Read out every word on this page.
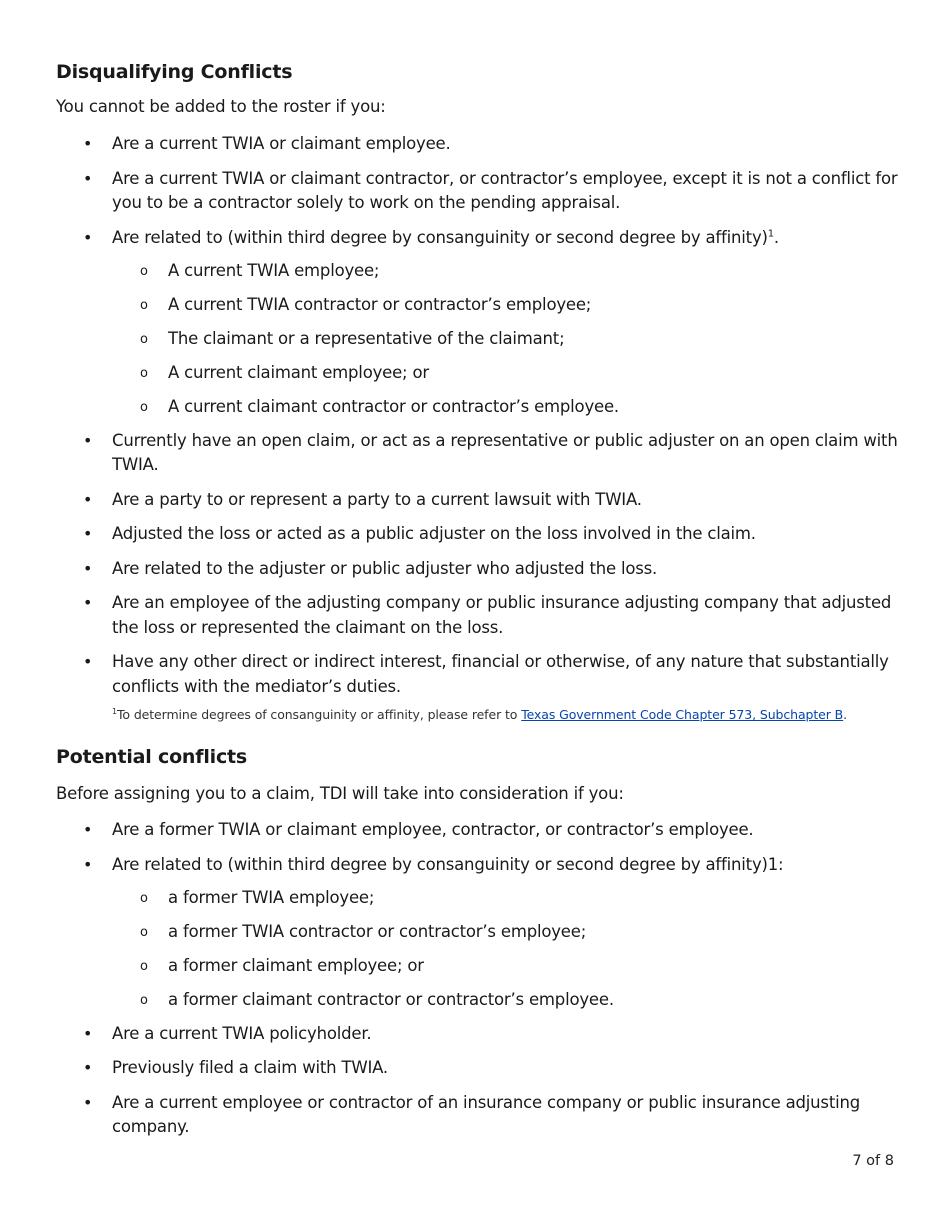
Disqualifying Conflicts

You cannot be added to the roster if you:

• Are a current TWIA or claimant employee.
• Are a current TWIA or claimant contractor, or contractor’s employee, except it is not a conflict for you to be a contractor solely to work on the pending appraisal.
• Are related to (within third degree by consanguinity or second degree by affinity)$^1$.
o A current TWIA employee;
o A current TWIA contractor or contractor’s employee;
o The claimant or a representative of the claimant;
o A current claimant employee; or
o A current claimant contractor or contractor’s employee.
• Currently have an open claim, or act as a representative or public adjuster on an open claim with TWIA.
• Are a party to or represent a party to a current lawsuit with TWIA.
• Adjusted the loss or acted as a public adjuster on the loss involved in the claim.
• Are related to the adjuster or public adjuster who adjusted the loss.
• Are an employee of the adjusting company or public insurance adjusting company that adjusted the loss or represented the claimant on the loss.
• Have any other direct or indirect interest, financial or otherwise, of any nature that substantially conflicts with the mediator’s duties.
$^1$To determine degrees of consanguinity or affinity, please refer to Texas Government Code Chapter 573, Subchapter B.
Potential conflicts

Before assigning you to a claim, TDI will take into consideration if you:

• Are a former TWIA or claimant employee, contractor, or contractor’s employee.
• Are related to (within third degree by consanguinity or second degree by affinity)1:
o a former TWIA employee;
o a former TWIA contractor or contractor’s employee;
o a former claimant employee; or
o a former claimant contractor or contractor’s employee.
• Are a current TWIA policyholder.
• Previously filed a claim with TWIA.
• Are a current employee or contractor of an insurance company or public insurance adjusting company.
7 of 8
